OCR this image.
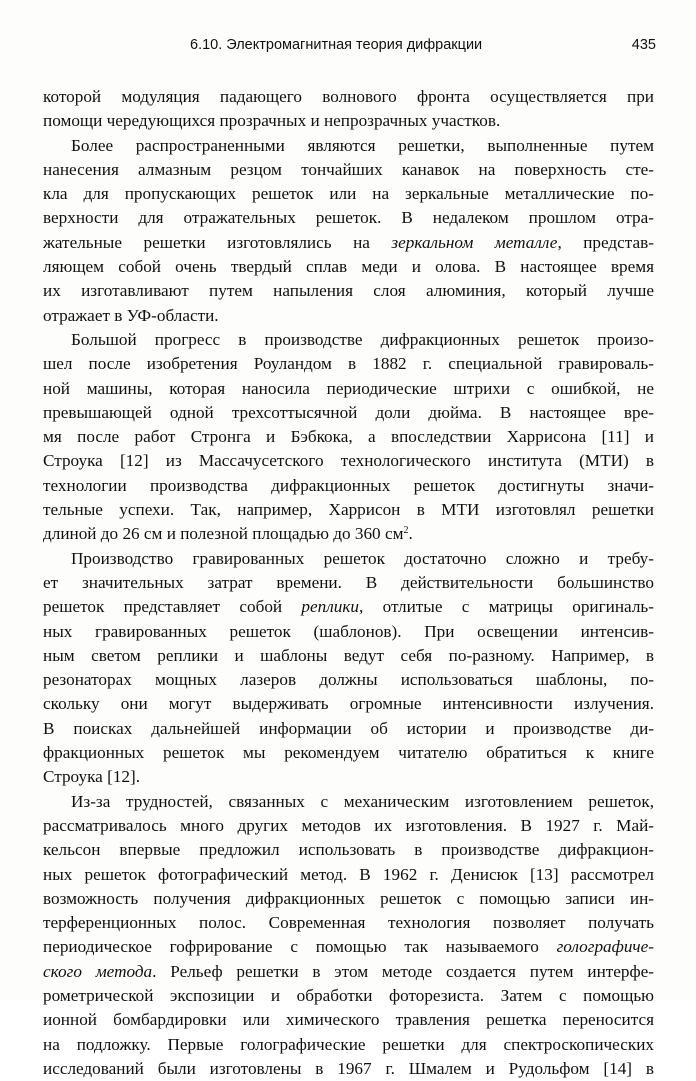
6.10. Электромагнитная теория дифракции	435
которой модуляция падающего волнового фронта осуществляется при
помощи чередующихся прозрачных и непрозрачных участков.
Более распространенными являются решетки, выполненные путем
нанесения алмазным резцом тончайших канавок на поверхность сте-
кла для пропускающих решеток или на зеркальные металлические по-
верхности для отражательных решеток. В недалеком прошлом отра-
жательные решетки изготовлялись на зеркальном металле, представ-
ляющем собой очень твердый сплав меди и олова. В настоящее время
их изготавливают путем напыления слоя алюминия, который лучше
отражает в УФ-области.
Большой прогресс в производстве дифракционных решеток произо-
шел после изобретения Роуландом в 1882 г. специальной гравироваль-
ной машины, которая наносила периодические штрихи с ошибкой, не
превышающей одной трехсоттысячной доли дюйма. В настоящее вре-
мя после работ Стронга и Бэбкока, а впоследствии Харрисона [11] и
Строука [12] из Массачусетского технологического института (МТИ) в
технологии производства дифракционных решеток достигнуты значи-
тельные успехи. Так, например, Харрисон в МТИ изготовлял решетки
длиной до 26 см и полезной площадью до 360 $см^2$.
Производство гравированных решеток достаточно сложно и требу-
ет значительных затрат времени. В действительности большинство
решеток представляет собой реплики, отлитые с матрицы оригиналь-
ных гравированных решеток (шаблонов). При освещении интенсив-
ным светом реплики и шаблоны ведут себя по-разному. Например, в
резонаторах мощных лазеров должны использоваться шаблоны, по-
скольку они могут выдерживать огромные интенсивности излучения.
В поисках дальнейшей информации об истории и производстве ди-
фракционных решеток мы рекомендуем читателю обратиться к книге
Строука [12].
Из-за трудностей, связанных с механическим изготовлением решеток,
рассматривалось много других методов их изготовления. В 1927 г. Май-
кельсон впервые предложил использовать в производстве дифракцион-
ных решеток фотографический метод. В 1962 г. Денисюк [13] рассмотрел
возможность получения дифракционных решеток с помощью записи ин-
терференционных полос. Современная технология позволяет получать
периодическое гофрирование с помощью так называемого голографиче-
ского метода. Рельеф решетки в этом методе создается путем интерфе-
рометрической экспозиции и обработки фоторезиста. Затем с помощью
ионной бомбардировки или химического травления решетка переносится
на подложку. Первые голографические решетки для спектроскопических
исследований были изготовлены в 1967 г. Шмалем и Рудольфом [14] в
